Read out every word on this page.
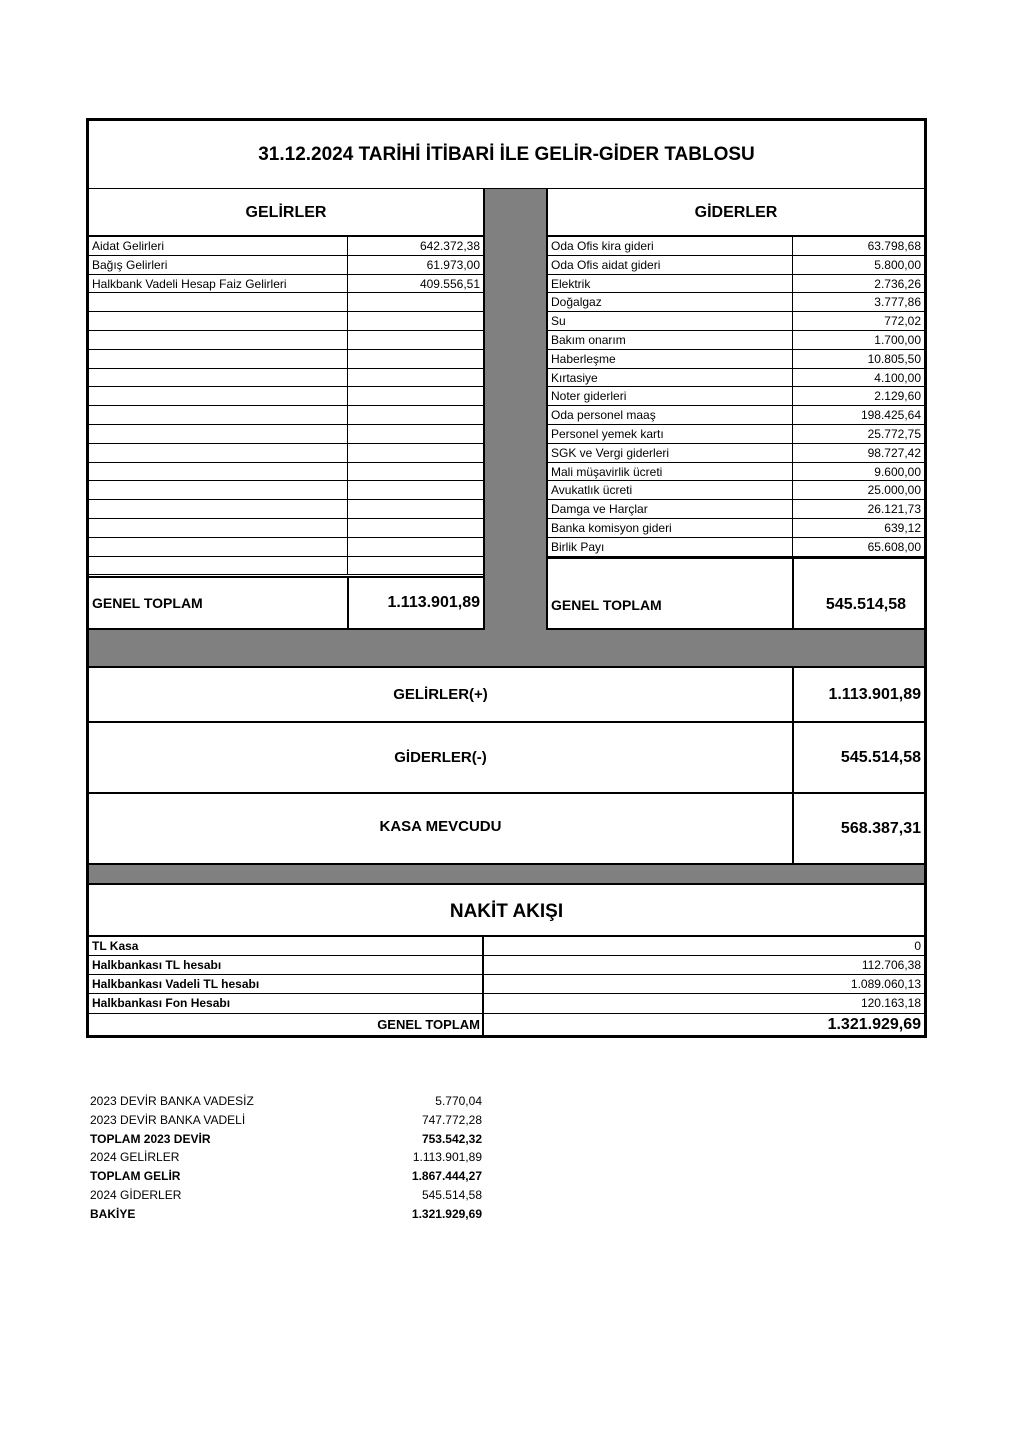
31.12.2024 TARİHİ İTİBARİ İLE GELİR-GİDER TABLOSU
GELİRLER	GİDERLER
Aidat Gelirleri	642.372,38
Bağış Gelirleri	61.973,00
Halkbank Vadeli Hesap Faiz Gelirleri	409.556,51
Oda Ofis kira gideri	63.798,68
Oda Ofis aidat gideri	5.800,00
Elektrik	2.736,26
Doğalgaz	3.777,86
Su	772,02
Bakım onarım	1.700,00
Haberleşme	10.805,50
Kırtasiye	4.100,00
Noter giderleri	2.129,60
Oda personel maaş	198.425,64
Personel yemek kartı	25.772,75
SGK ve Vergi giderleri	98.727,42
Mali müşavirlik ücreti	9.600,00
Avukatlık ücreti	25.000,00
Damga ve Harçlar	26.121,73
Banka komisyon gideri	639,12
Birlik Payı	65.608,00
GENEL TOPLAM	1.113.901,89	GENEL TOPLAM	545.514,58
GELİRLER(+)	1.113.901,89
GİDERLER(-)	545.514,58
KASA MEVCUDU	568.387,31
NAKİT AKIŞI
TL Kasa	0
Halkbankası TL hesabı	112.706,38
Halkbankası Vadeli TL hesabı	1.089.060,13
Halkbankası Fon Hesabı	120.163,18
GENEL TOPLAM	1.321.929,69
2023 DEVİR BANKA VADESİZ	5.770,04
2023 DEVİR BANKA VADELİ	747.772,28
TOPLAM 2023 DEVİR	753.542,32
2024 GELİRLER	1.113.901,89
TOPLAM GELİR	1.867.444,27
2024 GİDERLER	545.514,58
BAKİYE	1.321.929,69
